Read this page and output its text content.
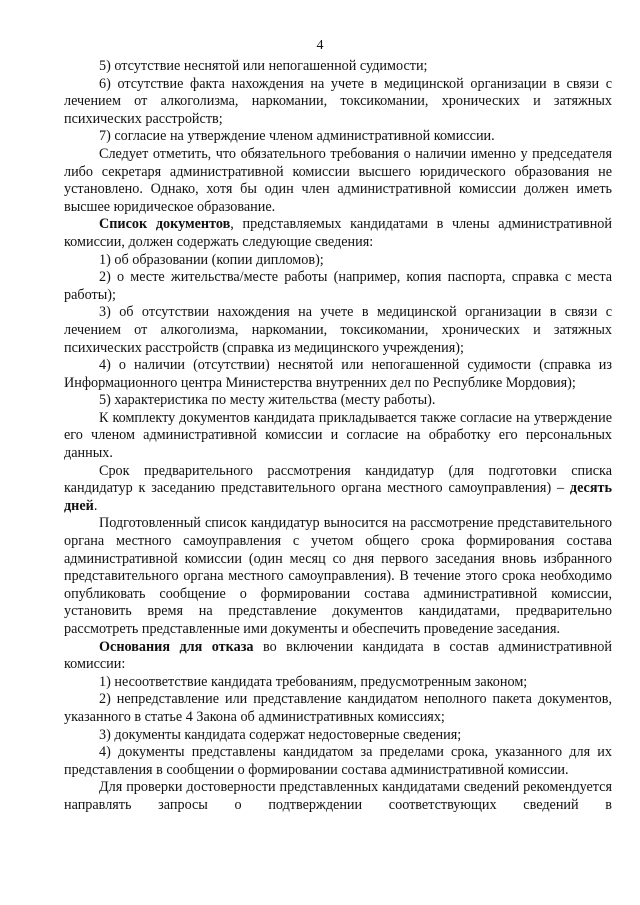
4

5) отсутствие неснятой или непогашенной судимости;

6) отсутствие факта нахождения на учете в медицинской организации в связи с лечением от алкоголизма, наркомании, токсикомании, хронических и затяжных психических расстройств;

7) согласие на утверждение членом административной комиссии.

Следует отметить, что обязательного требования о наличии именно у председателя либо секретаря административной комиссии высшего юридического образования не установлено. Однако, хотя бы один член административной комиссии должен иметь высшее юридическое образование.

Список документов, представляемых кандидатами в члены административной комиссии, должен содержать следующие сведения:

1) об образовании (копии дипломов);

2) о месте жительства/месте работы (например, копия паспорта, справка с места работы);

3) об отсутствии нахождения на учете в медицинской организации в связи с лечением от алкоголизма, наркомании, токсикомании, хронических и затяжных психических расстройств (справка из медицинского учреждения);

4) о наличии (отсутствии) неснятой или непогашенной судимости (справка из Информационного центра Министерства внутренних дел по Республике Мордовия);

5) характеристика по месту жительства (месту работы).

К комплекту документов кандидата прикладывается также согласие на утверждение его членом административной комиссии и согласие на обработку его персональных данных.

Срок предварительного рассмотрения кандидатур (для подготовки списка кандидатур к заседанию представительного органа местного самоуправления) – десять дней.

Подготовленный список кандидатур выносится на рассмотрение представительного органа местного самоуправления с учетом общего срока формирования состава административной комиссии (один месяц со дня первого заседания вновь избранного представительного органа местного самоуправления). В течение этого срока необходимо опубликовать сообщение о формировании состава административной комиссии, установить время на представление документов кандидатами, предварительно рассмотреть представленные ими документы и обеспечить проведение заседания.

Основания для отказа во включении кандидата в состав административной комиссии:

1) несоответствие кандидата требованиям, предусмотренным законом;

2) непредставление или представление кандидатом неполного пакета документов, указанного в статье 4 Закона об административных комиссиях;

3) документы кандидата содержат недостоверные сведения;

4) документы представлены кандидатом за пределами срока, указанного для их представления в сообщении о формировании состава административной комиссии.

Для проверки достоверности представленных кандидатами сведений рекомендуется направлять запросы о подтверждении соответствующих сведений в
